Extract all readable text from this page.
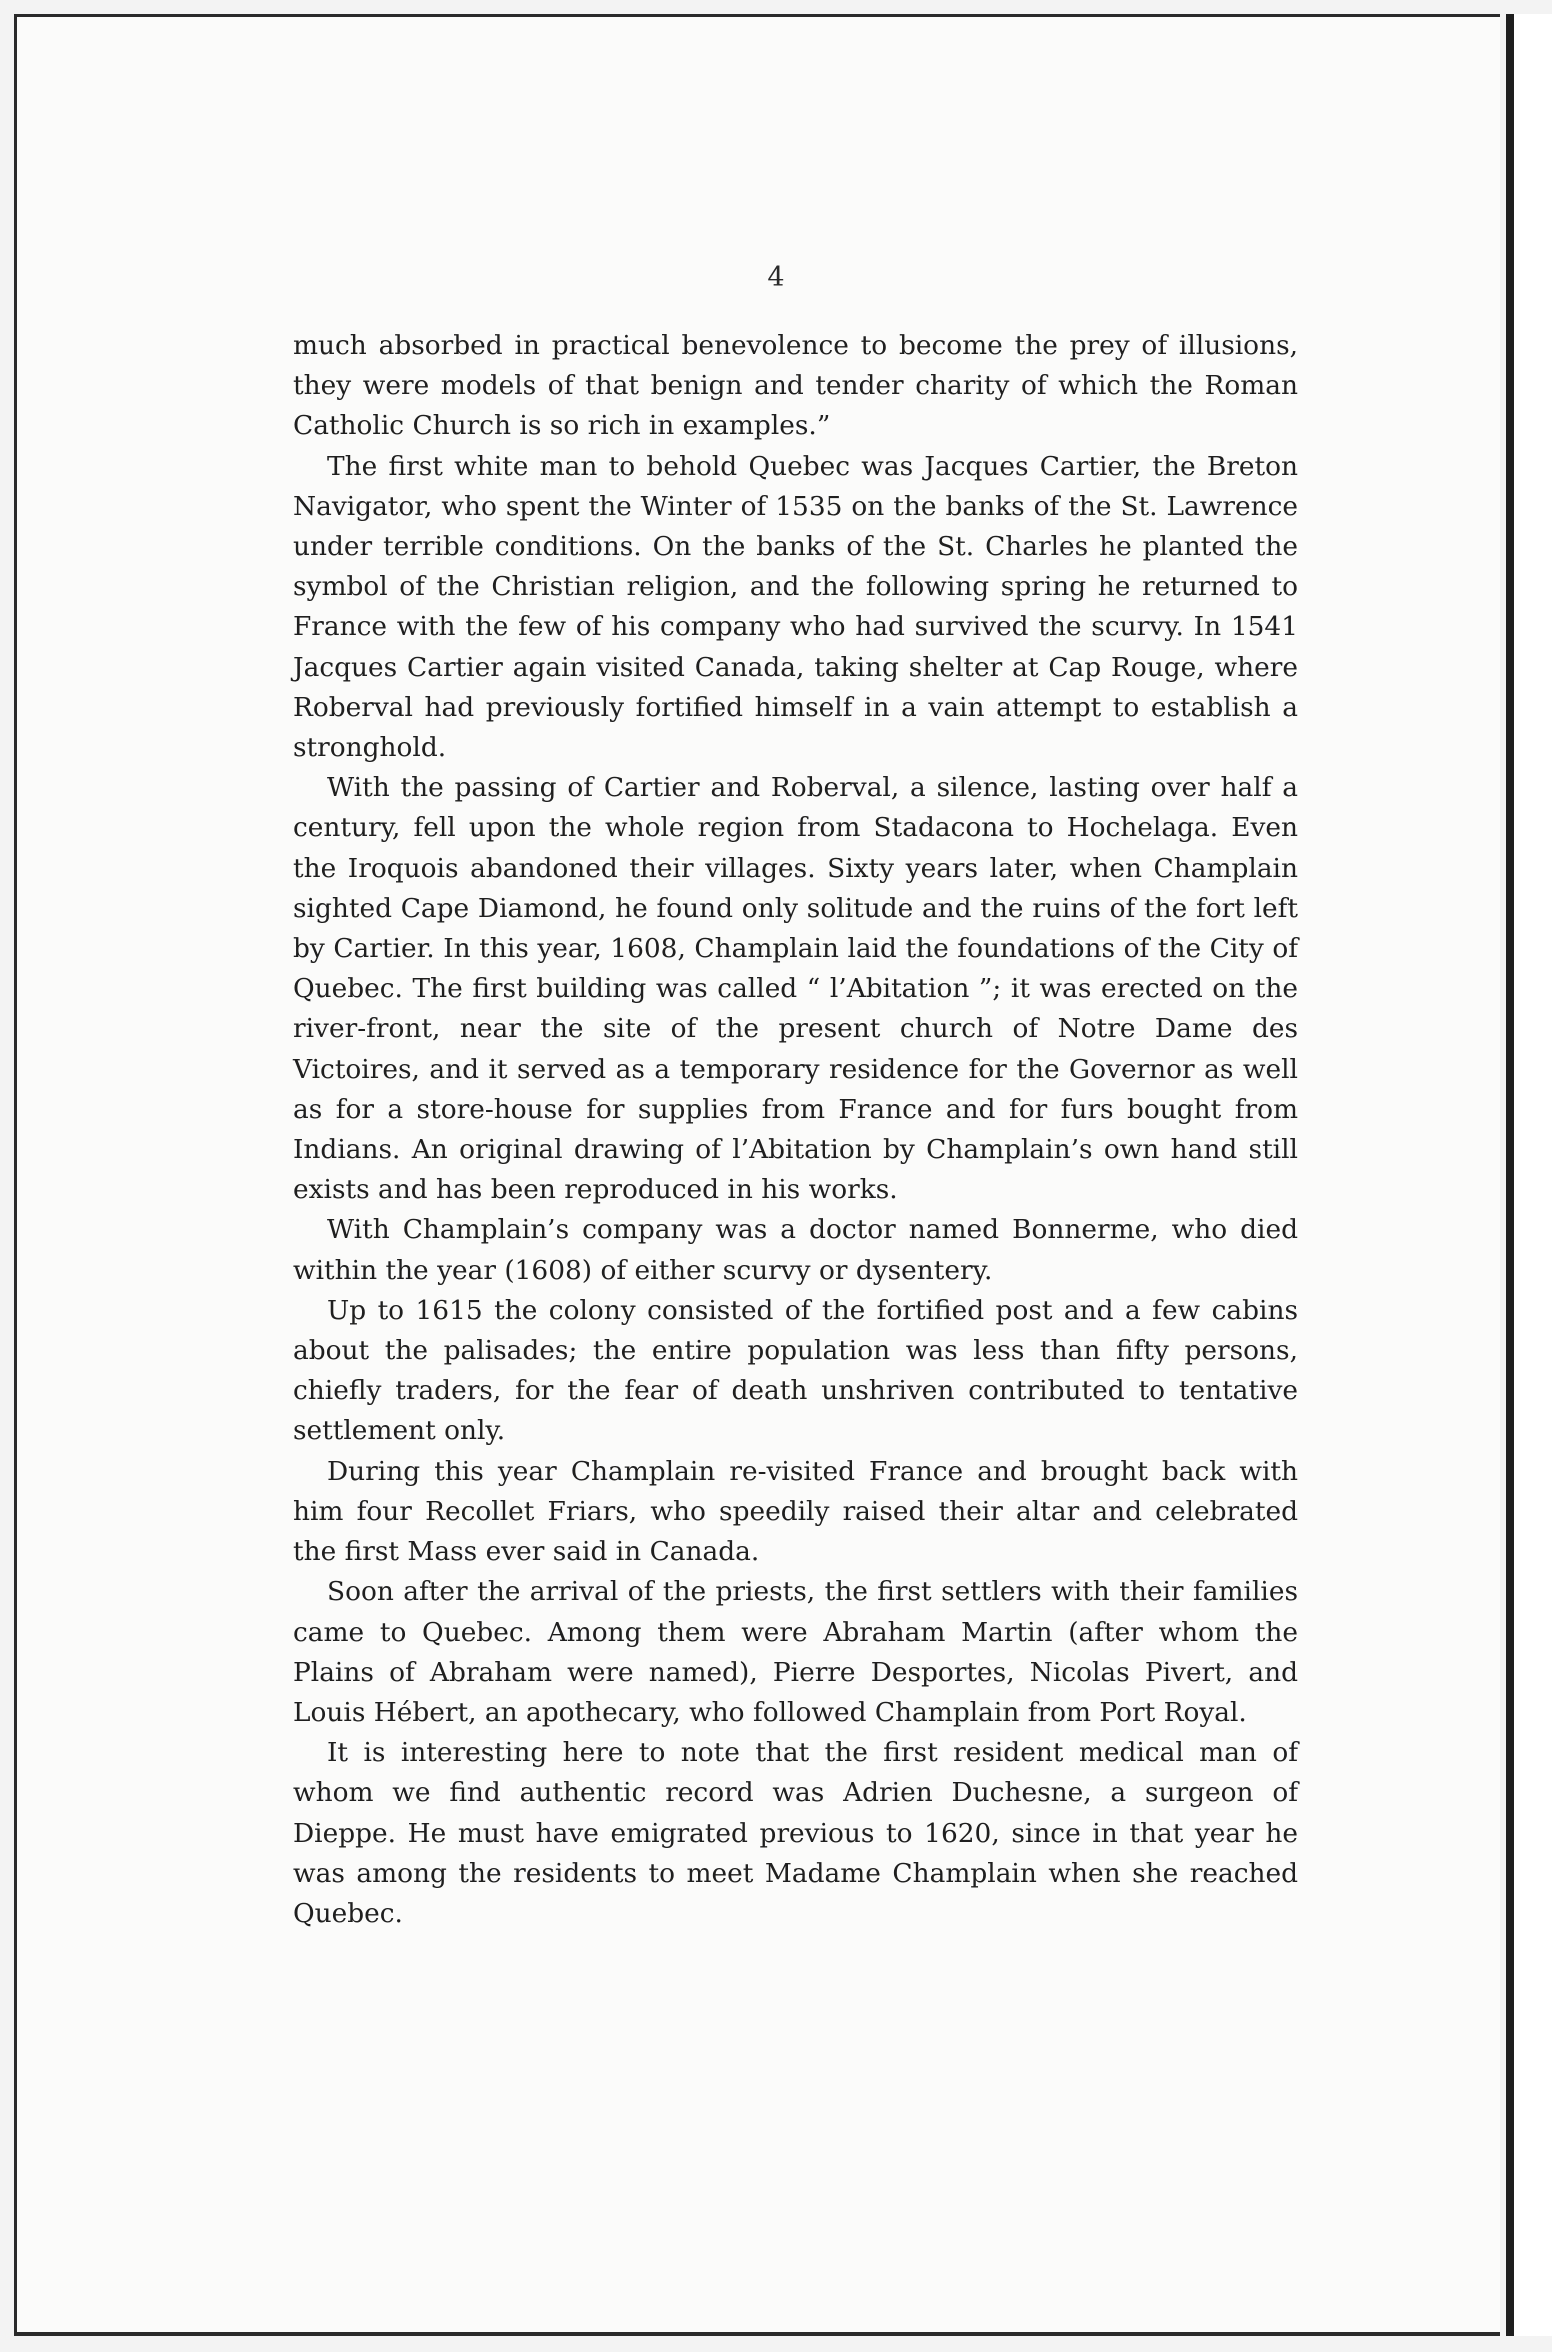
4

much absorbed in practical benevolence to become the prey of illusions, they were models of that benign and tender charity of which the Roman Catholic Church is so rich in examples.”

The first white man to behold Quebec was Jacques Cartier, the Breton Navigator, who spent the Winter of 1535 on the banks of the St. Lawrence under terrible conditions. On the banks of the St. Charles he planted the symbol of the Christian religion, and the following spring he returned to France with the few of his company who had survived the scurvy. In 1541 Jacques Cartier again visited Canada, taking shelter at Cap Rouge, where Roberval had previously fortified himself in a vain attempt to establish a stronghold.

With the passing of Cartier and Roberval, a silence, lasting over half a century, fell upon the whole region from Stadacona to Hochelaga. Even the Iroquois abandoned their villages. Sixty years later, when Champlain sighted Cape Diamond, he found only solitude and the ruins of the fort left by Cartier. In this year, 1608, Champlain laid the foundations of the City of Quebec. The first building was called “ l’Abitation ”; it was erected on the river-front, near the site of the present church of Notre Dame des Victoires, and it served as a temporary residence for the Governor as well as for a store-house for supplies from France and for furs bought from Indians. An original drawing of l’Abitation by Champlain’s own hand still exists and has been reproduced in his works.

With Champlain’s company was a doctor named Bonnerme, who died within the year (1608) of either scurvy or dysentery.

Up to 1615 the colony consisted of the fortified post and a few cabins about the palisades; the entire population was less than fifty persons, chiefly traders, for the fear of death unshriven contributed to tentative settlement only.

During this year Champlain re-visited France and brought back with him four Recollet Friars, who speedily raised their altar and celebrated the first Mass ever said in Canada.

Soon after the arrival of the priests, the first settlers with their families came to Quebec. Among them were Abraham Martin (after whom the Plains of Abraham were named), Pierre Desportes, Nicolas Pivert, and Louis Hébert, an apothecary, who followed Champlain from Port Royal.

It is interesting here to note that the first resident medical man of whom we find authentic record was Adrien Duchesne, a surgeon of Dieppe. He must have emigrated previous to 1620, since in that year he was among the residents to meet Madame Champlain when she reached Quebec.
